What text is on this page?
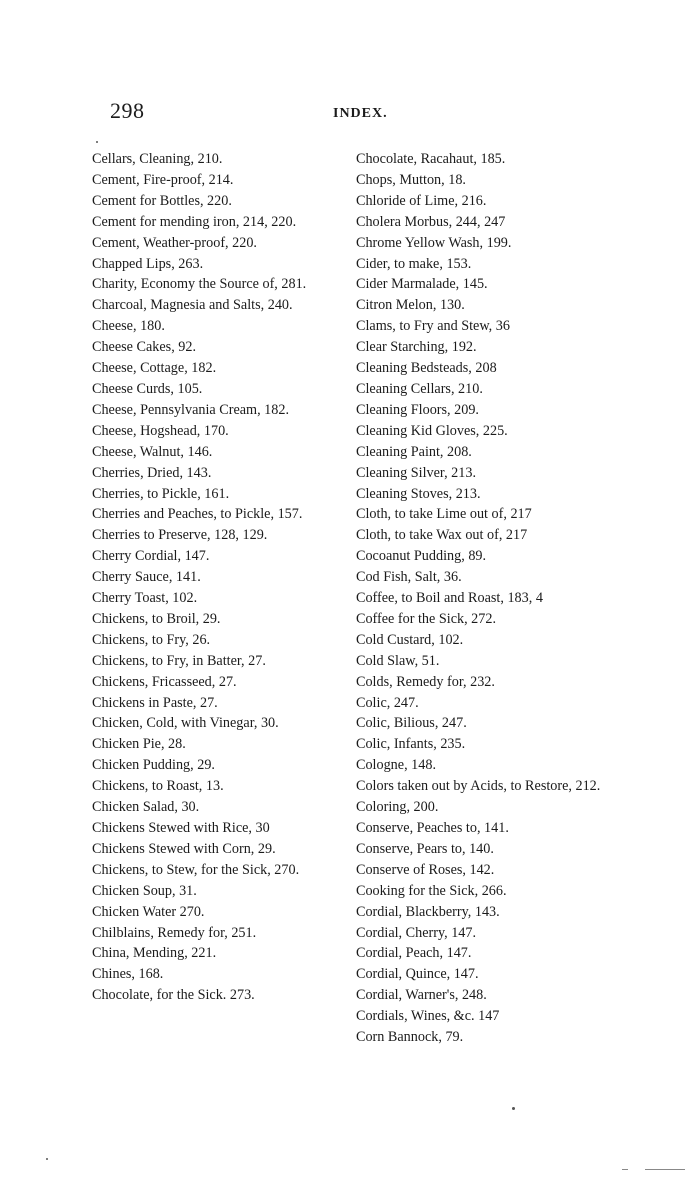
298	INDEX.
Cellars, Cleaning, 210.
Cement, Fire-proof, 214.
Cement for Bottles, 220.
Cement for mending iron, 214, 220.
Cement, Weather-proof, 220.
Chapped Lips, 263.
Charity, Economy the Source of, 281.
Charcoal, Magnesia and Salts, 240.
Cheese, 180.
Cheese Cakes, 92.
Cheese, Cottage, 182.
Cheese Curds, 105.
Cheese, Pennsylvania Cream, 182.
Cheese, Hogshead, 170.
Cheese, Walnut, 146.
Cherries, Dried, 143.
Cherries, to Pickle, 161.
Cherries and Peaches, to Pickle, 157.
Cherries to Preserve, 128, 129.
Cherry Cordial, 147.
Cherry Sauce, 141.
Cherry Toast, 102.
Chickens, to Broil, 29.
Chickens, to Fry, 26.
Chickens, to Fry, in Batter, 27.
Chickens, Fricasseed, 27.
Chickens in Paste, 27.
Chicken, Cold, with Vinegar, 30.
Chicken Pie, 28.
Chicken Pudding, 29.
Chickens, to Roast, 13.
Chicken Salad, 30.
Chickens Stewed with Rice, 30
Chickens Stewed with Corn, 29.
Chickens, to Stew, for the Sick, 270.
Chicken Soup, 31.
Chicken Water 270.
Chilblains, Remedy for, 251.
China, Mending, 221.
Chines, 168.
Chocolate, for the Sick. 273.
Chocolate, Racahaut, 185.
Chops, Mutton, 18.
Chloride of Lime, 216.
Cholera Morbus, 244, 247
Chrome Yellow Wash, 199.
Cider, to make, 153.
Cider Marmalade, 145.
Citron Melon, 130.
Clams, to Fry and Stew, 36
Clear Starching, 192.
Cleaning Bedsteads, 208
Cleaning Cellars, 210.
Cleaning Floors, 209.
Cleaning Kid Gloves, 225.
Cleaning Paint, 208.
Cleaning Silver, 213.
Cleaning Stoves, 213.
Cloth, to take Lime out of, 217
Cloth, to take Wax out of, 217
Cocoanut Pudding, 89.
Cod Fish, Salt, 36.
Coffee, to Boil and Roast, 183, 4
Coffee for the Sick, 272.
Cold Custard, 102.
Cold Slaw, 51.
Colds, Remedy for, 232.
Colic, 247.
Colic, Bilious, 247.
Colic, Infants, 235.
Cologne, 148.
Colors taken out by Acids, to Restore, 212.
Coloring, 200.
Conserve, Peaches to, 141.
Conserve, Pears to, 140.
Conserve of Roses, 142.
Cooking for the Sick, 266.
Cordial, Blackberry, 143.
Cordial, Cherry, 147.
Cordial, Peach, 147.
Cordial, Quince, 147.
Cordial, Warner's, 248.
Cordials, Wines, &c. 147
Corn Bannock, 79.
